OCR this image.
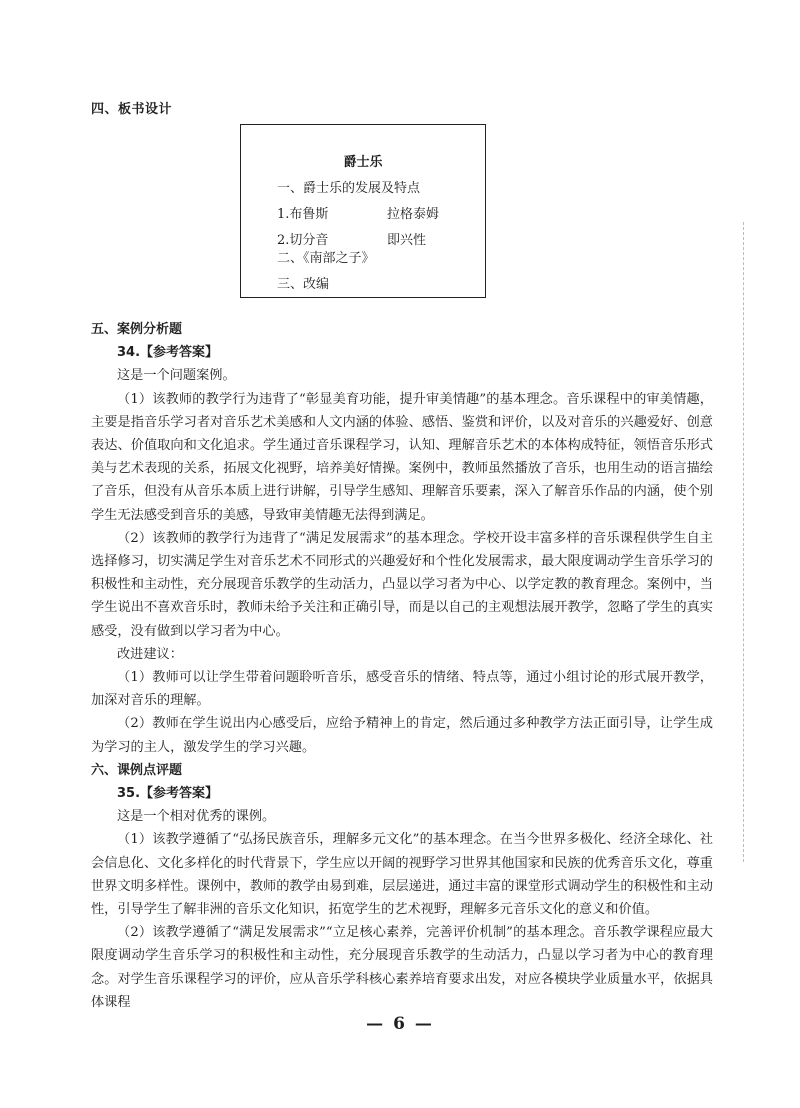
四、板书设计
爵士乐
一、爵士乐的发展及特点
1.布鲁斯	拉格泰姆
2.切分音	即兴性
二、《南部之子》
三、改编

五、案例分析题

34.【参考答案】

这是一个问题案例。

（1）该教师的教学行为违背了“彰显美育功能，提升审美情趣”的基本理念。音乐课程中的审美情趣，主要是指音乐学习者对音乐艺术美感和人文内涵的体验、感悟、鉴赏和评价，以及对音乐的兴趣爱好、创意表达、价值取向和文化追求。学生通过音乐课程学习，认知、理解音乐艺术的本体构成特征，领悟音乐形式美与艺术表现的关系，拓展文化视野，培养美好情操。案例中，教师虽然播放了音乐，也用生动的语言描绘了音乐，但没有从音乐本质上进行讲解，引导学生感知、理解音乐要素，深入了解音乐作品的内涵，使个别学生无法感受到音乐的美感，导致审美情趣无法得到满足。

（2）该教师的教学行为违背了“满足发展需求”的基本理念。学校开设丰富多样的音乐课程供学生自主选择修习，切实满足学生对音乐艺术不同形式的兴趣爱好和个性化发展需求，最大限度调动学生音乐学习的积极性和主动性，充分展现音乐教学的生动活力，凸显以学习者为中心、以学定教的教育理念。案例中，当学生说出不喜欢音乐时，教师未给予关注和正确引导，而是以自己的主观想法展开教学，忽略了学生的真实感受，没有做到以学习者为中心。

改进建议：

（1）教师可以让学生带着问题聆听音乐，感受音乐的情绪、特点等，通过小组讨论的形式展开教学，加深对音乐的理解。

（2）教师在学生说出内心感受后，应给予精神上的肯定，然后通过多种教学方法正面引导，让学生成为学习的主人，激发学生的学习兴趣。

六、课例点评题

35.【参考答案】

这是一个相对优秀的课例。

（1）该教学遵循了“弘扬民族音乐，理解多元文化”的基本理念。在当今世界多极化、经济全球化、社会信息化、文化多样化的时代背景下，学生应以开阔的视野学习世界其他国家和民族的优秀音乐文化，尊重世界文明多样性。课例中，教师的教学由易到难，层层递进，通过丰富的课堂形式调动学生的积极性和主动性，引导学生了解非洲的音乐文化知识，拓宽学生的艺术视野，理解多元音乐文化的意义和价值。

（2）该教学遵循了“满足发展需求”“立足核心素养，完善评价机制”的基本理念。音乐教学课程应最大限度调动学生音乐学习的积极性和主动性，充分展现音乐教学的生动活力，凸显以学习者为中心的教育理念。对学生音乐课程学习的评价，应从音乐学科核心素养培育要求出发，对应各模块学业质量水平，依据具体课程

— 6 —
